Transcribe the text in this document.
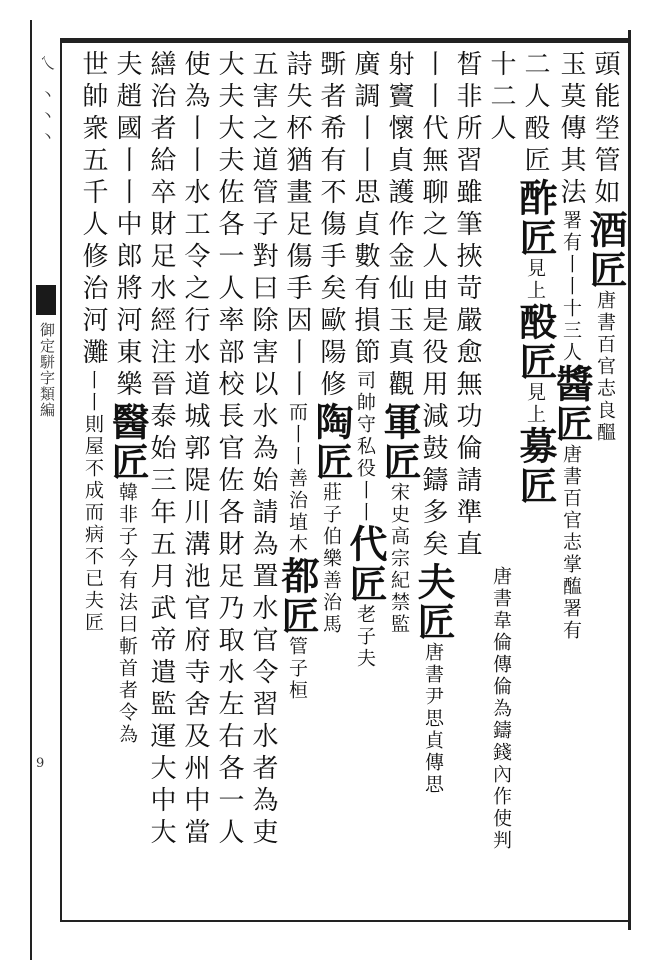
乀 丶丶丶
御定駢字類編
9
頭能塋管如酒匠唐書百官志良醞
玉莫傳其法署有丨丨十三人醬匠唐書百官志掌醢署有
二人酘匠酢匠見上酘匠見上募匠
十二人唐書韋倫傳倫為鑄錢內作使判
晳非所習雖筆挾苛嚴愈無功倫請準直
丨丨代無聊之人由是役用減鼓鑄多矣夫匠唐書尹思貞傳思
射竇懷貞護作金仙玉真觀軍匠宋史高宗紀禁監
廣調丨丨思貞數有損節司帥守私役丨丨代匠老子夫
斲者希有不傷手矣歐陽修陶匠莊子伯樂善治馬
詩失杯猶畫足傷手因丨丨而丨丨善治埴木都匠管子桓
五害之道管子對曰除害以水為始請為置水官令習水者為吏
大夫大夫佐各一人率部校長官佐各財足乃取水左右各一人
使為丨丨水工令之行水道城郭隄川溝池官府寺舍及州中當
繕治者給卒財足水經注晉泰始三年五月武帝遣監運大中大
夫趙國丨丨中郎將河東樂醫匠韓非子今有法曰斬首者令為
世帥衆五千人修治河灘丨丨則屋不成而病不已夫匠
